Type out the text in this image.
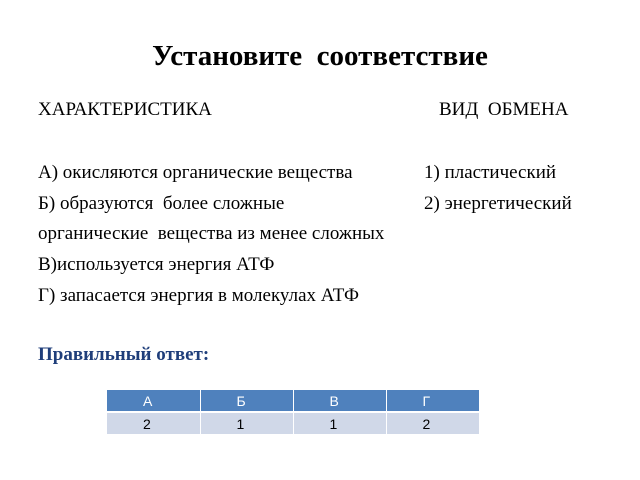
Установите  соответствие
ХАРАКТЕРИСТИКА	ВИД  ОБМЕНА
А) окисляются органические вещества
Б) образуются  более сложные
органические  вещества из менее сложных
В)используется энергия АТФ
Г) запасается энергия в молекулах АТФ
1) пластический
2) энергетический
Правильный ответ:
А	Б	В	Г
2	1	1	2
